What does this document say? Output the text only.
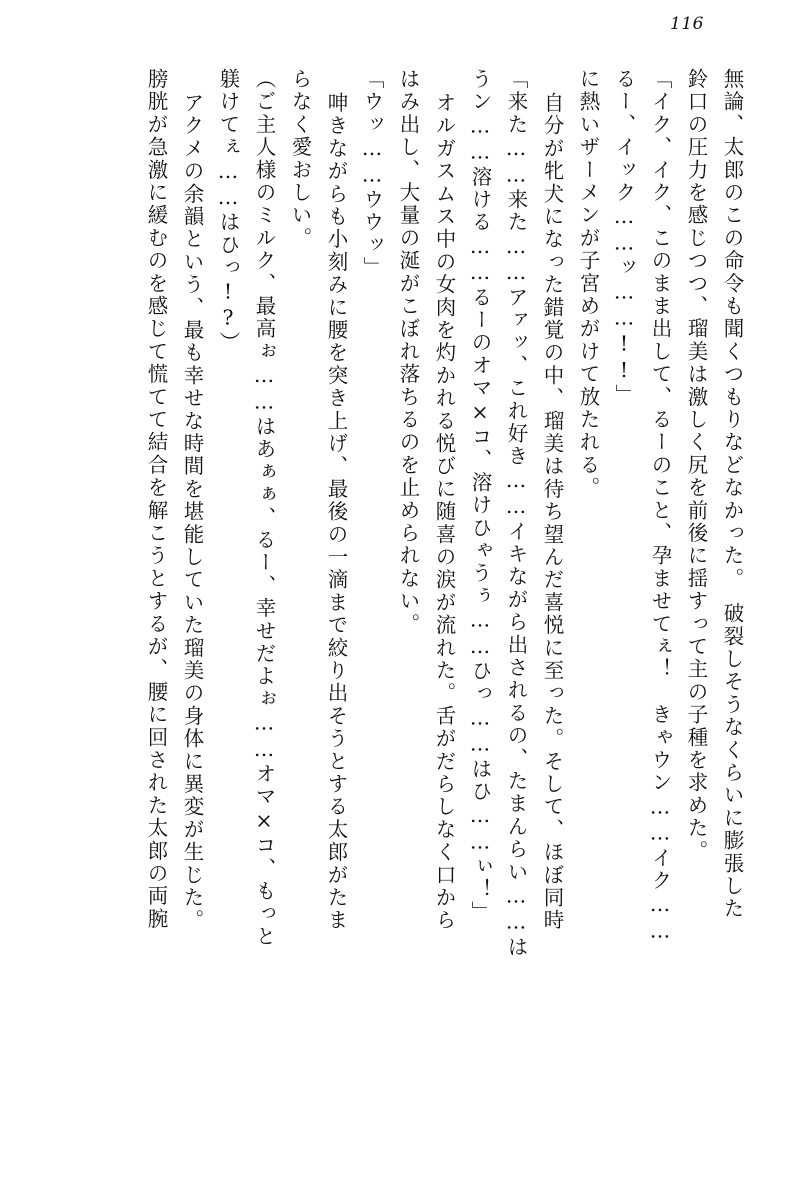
116
無論、太郎のこの命令も聞くつもりなどなかった。　破裂しそうなくらいに膨張した
鈴口の圧力を感じつつ、瑠美は激しく尻を前後に揺すって主の子種を求めた。
「イク、イク、このまま出して、るーのこと、孕ませてぇ！　きゃウン……イク……
るー、イック……ッ……!!」
に熱いザーメンが子宮めがけて放たれる。
自分が牝犬になった錯覚の中、瑠美は待ち望んだ喜悦に至った。そして、ほぼ同時
「来た……来た……アァッ、これ好き……イキながら出されるの、たまんらい……は
うン……溶ける……るーのオマ×コ、溶けひゃうぅ……ひっ……はひ……ぃ！」
オルガスムス中の女肉を灼かれる悦びに随喜の涙が流れた。舌がだらしなく口から
はみ出し、大量の涎がこぼれ落ちるのを止められない。
「ウッ……ウウッ」
呻きながらも小刻みに腰を突き上げ、最後の一滴まで絞り出そうとする太郎がたま
らなく愛おしい。
（ご主人様のミルク、最高ぉ……はあぁぁ、るー、幸せだよぉ……オマ×コ、もっと
躾けてぇ……はひっ!?）
アクメの余韻という、最も幸せな時間を堪能していた瑠美の身体に異変が生じた。
膀胱が急激に緩むのを感じて慌てて結合を解こうとするが、腰に回された太郎の両腕
